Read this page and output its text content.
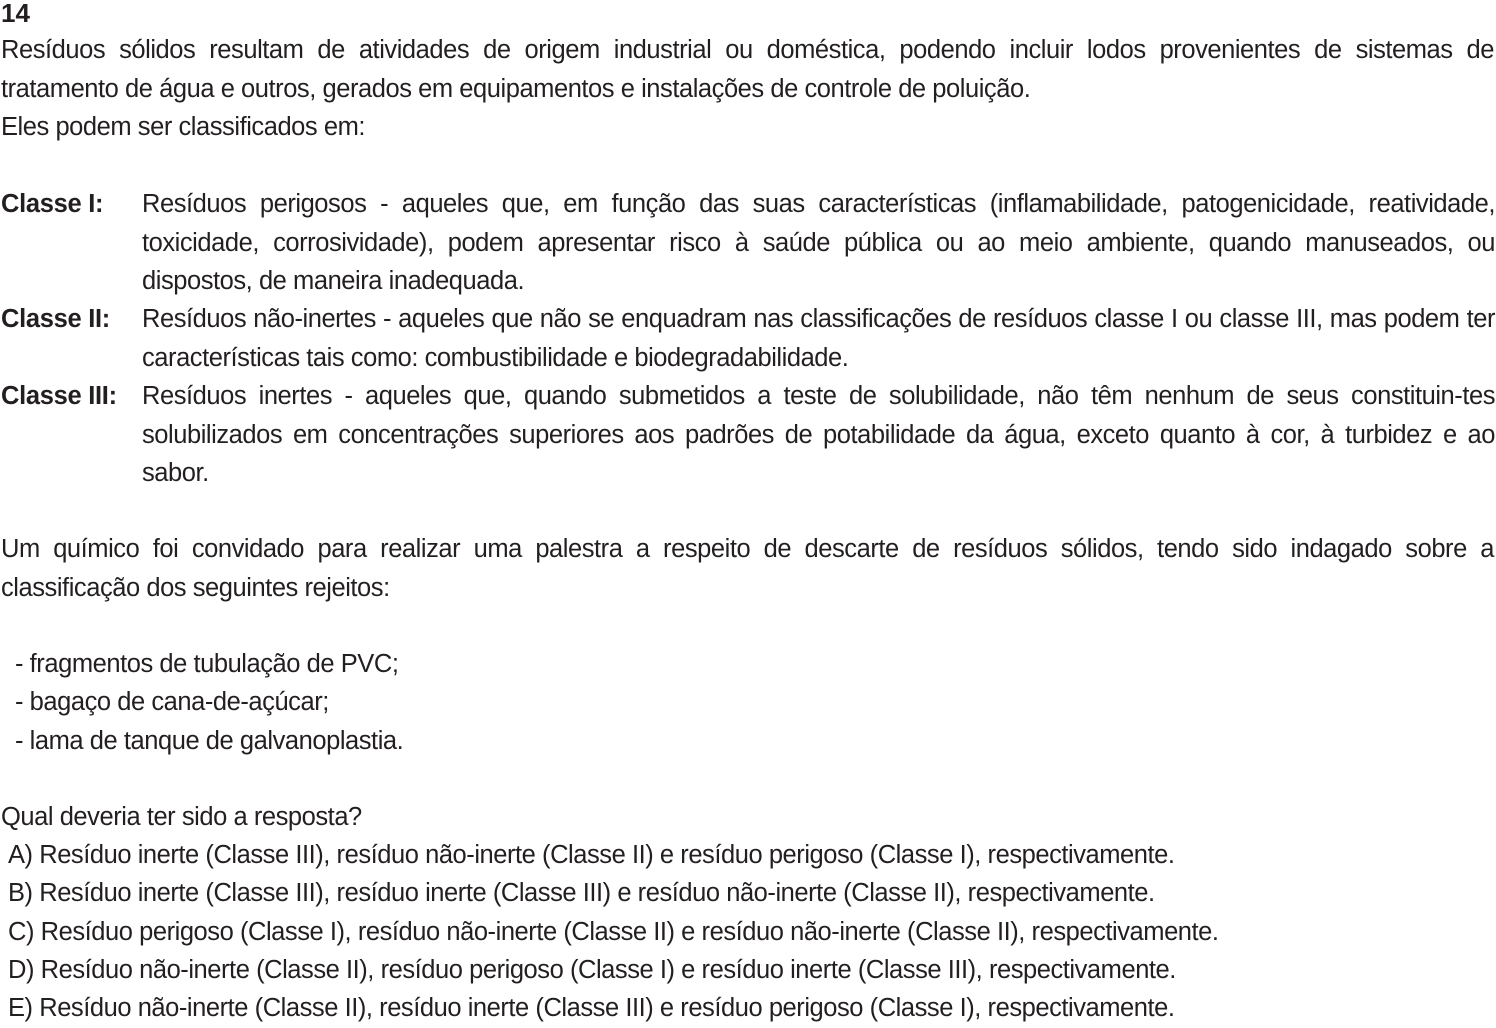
14

Resíduos sólidos resultam de atividades de origem industrial ou doméstica, podendo incluir lodos provenientes de sistemas de tratamento de água e outros, gerados em equipamentos e instalações de controle de poluição.

Eles podem ser classificados em:

Classe I: Resíduos perigosos - aqueles que, em função das suas características (inflamabilidade, patogenicidade, reatividade, toxicidade, corrosividade), podem apresentar risco à saúde pública ou ao meio ambiente, quando manuseados, ou dispostos, de maneira inadequada.
Classe II: Resíduos não-inertes - aqueles que não se enquadram nas classificações de resíduos classe I ou classe III, mas podem ter características tais como: combustibilidade e biodegradabilidade.
Classe III: Resíduos inertes - aqueles que, quando submetidos a teste de solubilidade, não têm nenhum de seus constituin-tes solubilizados em concentrações superiores aos padrões de potabilidade da água, exceto quanto à cor, à turbidez e ao sabor.

Um químico foi convidado para realizar uma palestra a respeito de descarte de resíduos sólidos, tendo sido indagado sobre a classificação dos seguintes rejeitos:

- fragmentos de tubulação de PVC;
- bagaço de cana-de-açúcar;
- lama de tanque de galvanoplastia.

Qual deveria ter sido a resposta?

A) Resíduo inerte (Classe III), resíduo não-inerte (Classe II) e resíduo perigoso (Classe I), respectivamente.
B) Resíduo inerte (Classe III), resíduo inerte (Classe III) e resíduo não-inerte (Classe II), respectivamente.
C) Resíduo perigoso (Classe I), resíduo não-inerte (Classe II) e resíduo não-inerte (Classe II), respectivamente.
D) Resíduo não-inerte (Classe II), resíduo perigoso (Classe I) e resíduo inerte (Classe III), respectivamente.
E) Resíduo não-inerte (Classe II), resíduo inerte (Classe III) e resíduo perigoso (Classe I), respectivamente.
